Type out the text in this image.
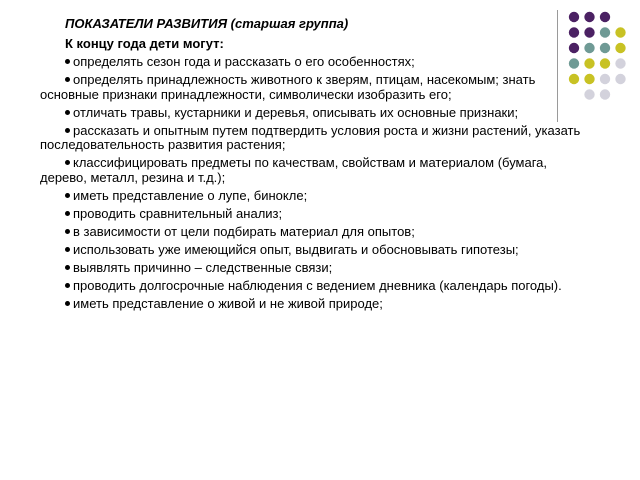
ПОКАЗАТЕЛИ РАЗВИТИЯ (старшая группа)
К концу года дети могут:
определять сезон года и рассказать о его особенностях;
определять принадлежность животного к зверям, птицам, насекомым; знать основные признаки принадлежности, символически изобразить его;
отличать травы, кустарники и деревья, описывать их основные признаки;
рассказать и опытным путем подтвердить условия роста и жизни растений, указать последовательность развития растения;
классифицировать предметы по качествам, свойствам и материалом (бумага, дерево, металл, резина и т.д.);
иметь представление о лупе, бинокле;
проводить сравнительный анализ;
в зависимости от цели подбирать материал для опытов;
использовать уже имеющийся опыт, выдвигать и обосновывать гипотезы;
выявлять причинно – следственные связи;
проводить долгосрочные наблюдения с ведением дневника (календарь погоды).
иметь представление о живой и не живой природе;
